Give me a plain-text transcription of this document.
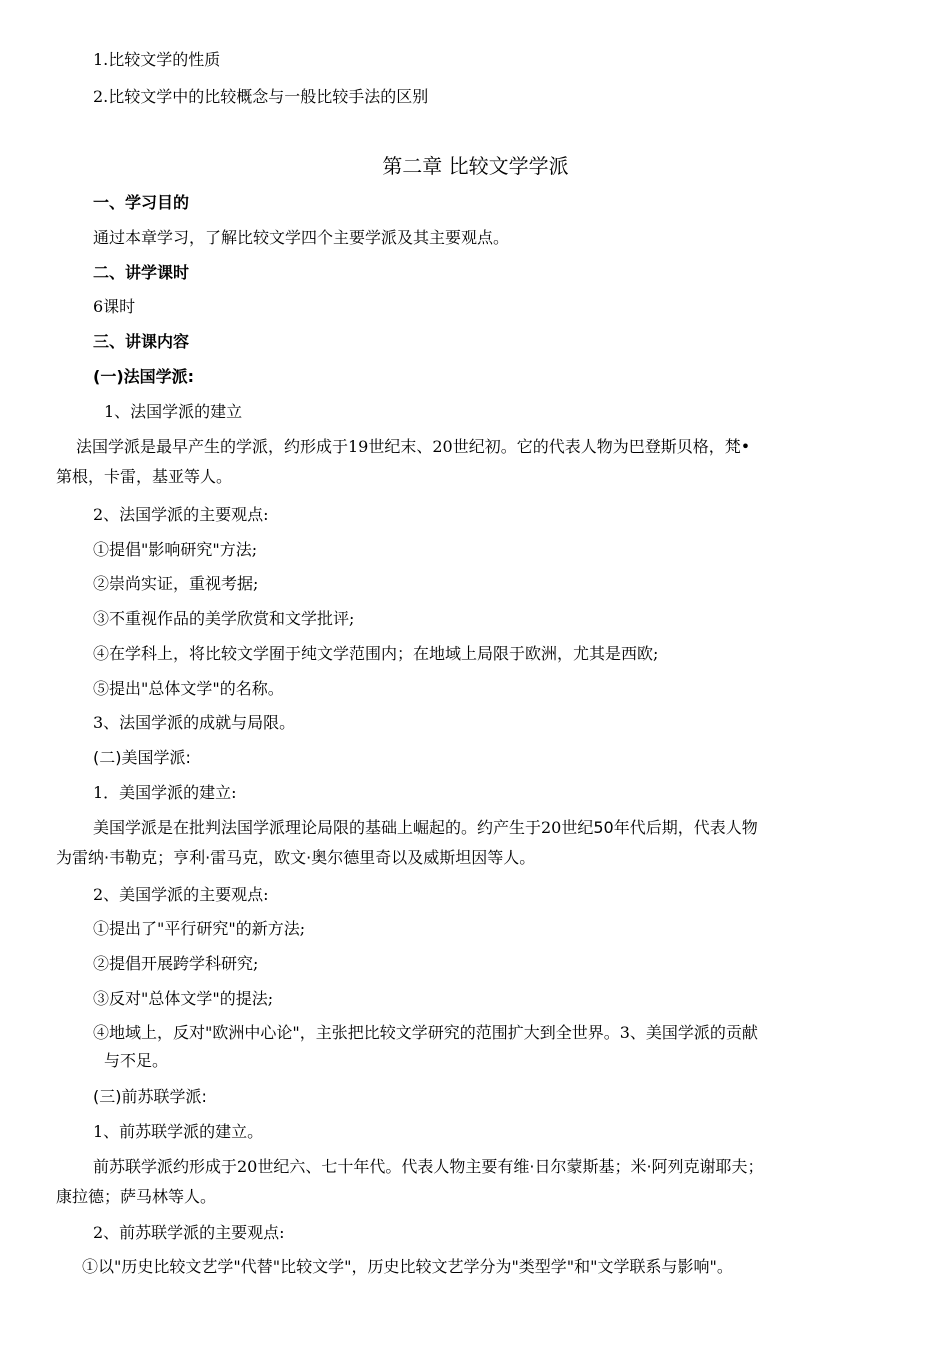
1.比较文学的性质
2.比较文学中的比较概念与一般比较手法的区别
第二章 比较文学学派
一、学习目的
通过本章学习，了解比较文学四个主要学派及其主要观点。
二、讲学课时
6课时
三、讲课内容
(一)法国学派:
1、法国学派的建立
法国学派是最早产生的学派，约形成于19世纪末、20世纪初。它的代表人物为巴登斯贝格，梵•
第根，卡雷，基亚等人。
2、法国学派的主要观点:
①提倡"影响研究"方法;
②崇尚实证，重视考据;
③不重视作品的美学欣赏和文学批评;
④在学科上，将比较文学囿于纯文学范围内；在地域上局限于欧洲，尤其是西欧;
⑤提出"总体文学"的名称。
3、法国学派的成就与局限。
(二)美国学派:
1．美国学派的建立:
美国学派是在批判法国学派理论局限的基础上崛起的。约产生于20世纪50年代后期，代表人物
为雷纳·韦勒克；亨利·雷马克，欧文·奥尔德里奇以及威斯坦因等人。
2、美国学派的主要观点:
①提出了"平行研究"的新方法;
②提倡开展跨学科研究;
③反对"总体文学"的提法;
④地域上，反对"欧洲中心论"，主张把比较文学研究的范围扩大到全世界。3、美国学派的贡献
与不足。
(三)前苏联学派:
1、前苏联学派的建立。
前苏联学派约形成于20世纪六、七十年代。代表人物主要有维·日尔蒙斯基；米·阿列克谢耶夫；
康拉德；萨马林等人。
2、前苏联学派的主要观点:
①以"历史比较文艺学"代替"比较文学"，历史比较文艺学分为"类型学"和"文学联系与影响"。
